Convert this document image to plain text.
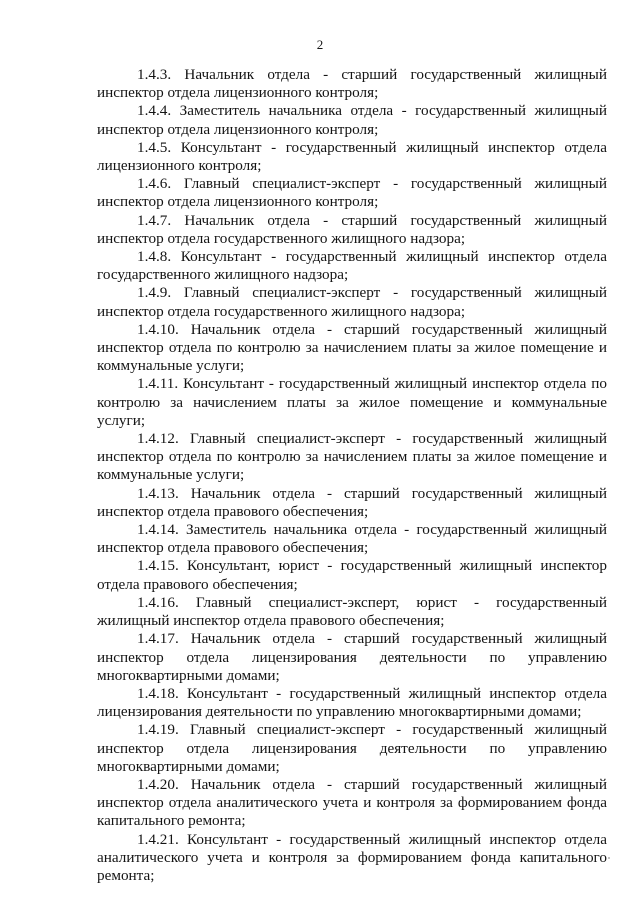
2

1.4.3. Начальник отдела - старший государственный жилищный инспектор отдела лицензионного контроля;

1.4.4. Заместитель начальника отдела - государственный жилищный инспектор отдела лицензионного контроля;

1.4.5. Консультант - государственный жилищный инспектор отдела лицензионного контроля;

1.4.6. Главный специалист-эксперт - государственный жилищный инспектор отдела лицензионного контроля;

1.4.7. Начальник отдела - старший государственный жилищный инспектор отдела государственного жилищного надзора;

1.4.8. Консультант - государственный жилищный инспектор отдела государственного жилищного надзора;

1.4.9. Главный специалист-эксперт - государственный жилищный инспектор отдела государственного жилищного надзора;

1.4.10. Начальник отдела - старший государственный жилищный инспектор отдела по контролю за начислением платы за жилое помещение и коммунальные услуги;

1.4.11. Консультант - государственный жилищный инспектор отдела по контролю за начислением платы за жилое помещение и коммунальные услуги;

1.4.12. Главный специалист-эксперт - государственный жилищный инспектор отдела по контролю за начислением платы за жилое помещение и коммунальные услуги;

1.4.13. Начальник отдела - старший государственный жилищный инспектор отдела правового обеспечения;

1.4.14. Заместитель начальника отдела - государственный жилищный инспектор отдела правового обеспечения;

1.4.15. Консультант, юрист - государственный жилищный инспектор отдела правового обеспечения;

1.4.16. Главный специалист-эксперт, юрист - государственный жилищный инспектор отдела правового обеспечения;

1.4.17. Начальник отдела - старший государственный жилищный инспектор отдела лицензирования деятельности по управлению многоквартирными домами;

1.4.18. Консультант - государственный жилищный инспектор отдела лицензирования деятельности по управлению многоквартирными домами;

1.4.19. Главный специалист-эксперт - государственный жилищный инспектор отдела лицензирования деятельности по управлению многоквартирными домами;

1.4.20. Начальник отдела - старший государственный жилищный инспектор отдела аналитического учета и контроля за формированием фонда капитального ремонта;

1.4.21. Консультант - государственный жилищный инспектор отдела аналитического учета и контроля за формированием фонда капитального ремонта;
